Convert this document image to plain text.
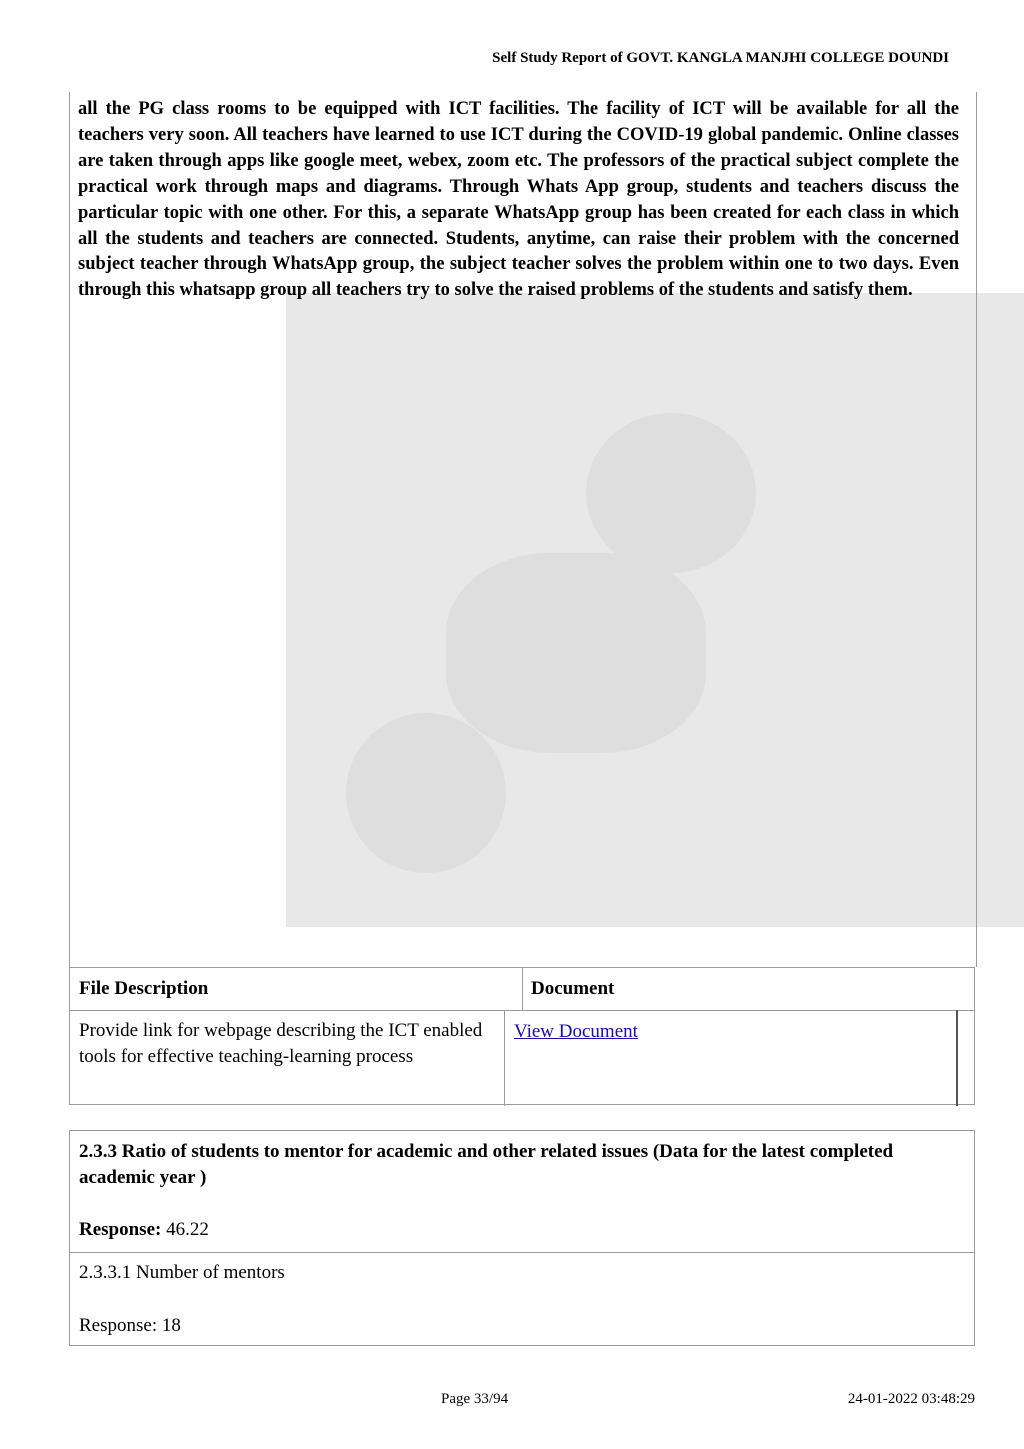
Self Study Report of GOVT. KANGLA MANJHI COLLEGE DOUNDI
all the PG class rooms to be equipped with ICT facilities. The facility of ICT will be available for all the teachers very soon. All teachers have learned to use ICT during the COVID-19 global pandemic. Online classes are taken through apps like google meet, webex, zoom etc. The professors of the practical subject complete the practical work through maps and diagrams. Through Whats App group, students and teachers discuss the particular topic with one other. For this, a separate WhatsApp group has been created for each class in which all the students and teachers are connected. Students, anytime, can raise their problem with the concerned subject teacher through WhatsApp group, the subject teacher solves the problem within one to two days. Even through this whatsapp group all teachers try to solve the raised problems of the students and satisfy them.
File Description	Document
Provide link for webpage describing the ICT enabled tools for effective teaching-learning process
View Document
2.3.3 Ratio of students to mentor for academic and other related issues (Data for the latest completed academic year )
Response: 46.22
2.3.3.1 Number of mentors
Response: 18
Page 33/94	24-01-2022 03:48:29
